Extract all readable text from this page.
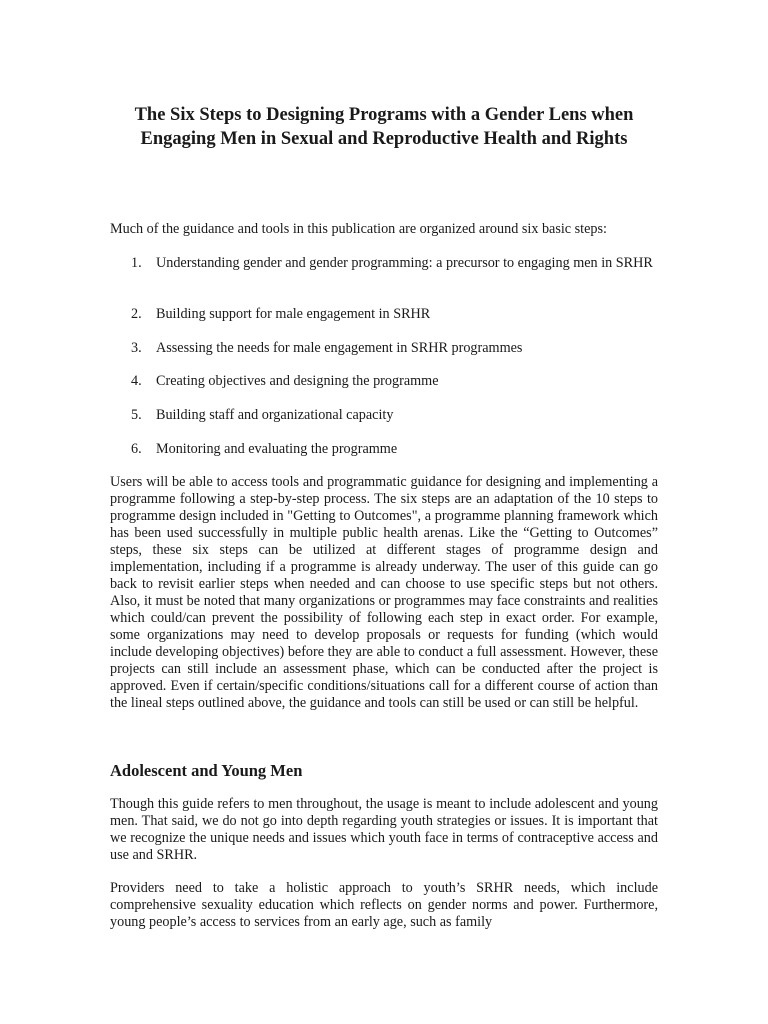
The Six Steps to Designing Programs with a Gender Lens when Engaging Men in Sexual and Reproductive Health and Rights

Much of the guidance and tools in this publication are organized around six basic steps:

1. Understanding gender and gender programming: a precursor to engaging men in SRHR
2. Building support for male engagement in SRHR
3. Assessing the needs for male engagement in SRHR programmes
4. Creating objectives and designing the programme
5. Building staff and organizational capacity
6. Monitoring and evaluating the programme

Users will be able to access tools and programmatic guidance for designing and implementing a programme following a step-by-step process. The six steps are an adaptation of the 10 steps to programme design included in "Getting to Outcomes", a programme planning framework which has been used successfully in multiple public health arenas. Like the “Getting to Outcomes” steps, these six steps can be utilized at different stages of programme design and implementation, including if a programme is already underway. The user of this guide can go back to revisit earlier steps when needed and can choose to use specific steps but not others. Also, it must be noted that many organizations or programmes may face constraints and realities which could/can prevent the possibility of following each step in exact order. For example, some organizations may need to develop proposals or requests for funding (which would include developing objectives) before they are able to conduct a full assessment. However, these projects can still include an assessment phase, which can be conducted after the project is approved. Even if certain/specific conditions/situations call for a different course of action than the lineal steps outlined above, the guidance and tools can still be used or can still be helpful.

Adolescent and Young Men

Though this guide refers to men throughout, the usage is meant to include adolescent and young men. That said, we do not go into depth regarding youth strategies or issues. It is important that we recognize the unique needs and issues which youth face in terms of contraceptive access and use and SRHR.

Providers need to take a holistic approach to youth’s SRHR needs, which include comprehensive sexuality education which reflects on gender norms and power. Furthermore, young people’s access to services from an early age, such as family
